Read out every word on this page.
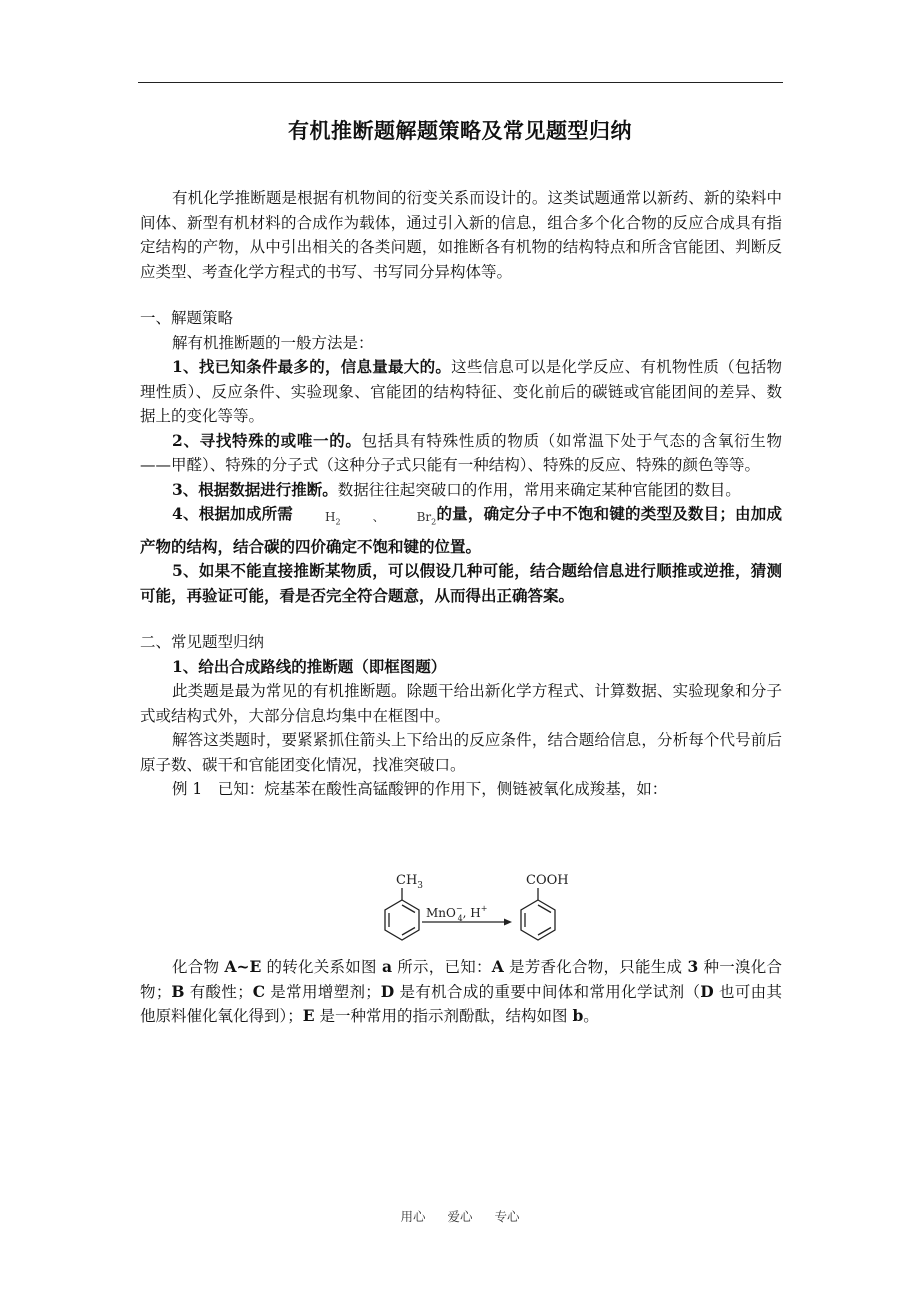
有机推断题解题策略及常见题型归纳

有机化学推断题是根据有机物间的衍变关系而设计的。这类试题通常以新药、新的染料中间体、新型有机材料的合成作为载体，通过引入新的信息，组合多个化合物的反应合成具有指定结构的产物，从中引出相关的各类问题，如推断各有机物的结构特点和所含官能团、判断反应类型、考查化学方程式的书写、书写同分异构体等。

一、解题策略

解有机推断题的一般方法是：

1、找已知条件最多的，信息量最大的。这些信息可以是化学反应、有机物性质（包括物理性质）、反应条件、实验现象、官能团的结构特征、变化前后的碳链或官能团间的差异、数据上的变化等等。

2、寻找特殊的或唯一的。包括具有特殊性质的物质（如常温下处于气态的含氧衍生物——甲醛）、特殊的分子式（这种分子式只能有一种结构）、特殊的反应、特殊的颜色等等。

3、根据数据进行推断。数据往往起突破口的作用，常用来确定某种官能团的数目。

4、根据加成所需	$H_2$	、	$Br_2$的量，确定分子中不饱和键的类型及数目；由加成产物的结构，结合碳的四价确定不饱和键的位置。

5、如果不能直接推断某物质，可以假设几种可能，结合题给信息进行顺推或逆推，猜测可能，再验证可能，看是否完全符合题意，从而得出正确答案。

二、常见题型归纳

1、给出合成路线的推断题（即框图题）

此类题是最为常见的有机推断题。除题干给出新化学方程式、计算数据、实验现象和分子式或结构式外，大部分信息均集中在框图中。

解答这类题时，要紧紧抓住箭头上下给出的反应条件，结合题给信息，分析每个代号前后原子数、碳干和官能团变化情况，找准突破口。

例 1　已知：烷基苯在酸性高锰酸钾的作用下，侧链被氧化成羧基，如：

$CH_3$
MnO− 4, H+
COOH

化合物 A~E 的转化关系如图 a 所示，已知：A 是芳香化合物，只能生成 3 种一溴化合物；B 有酸性；C 是常用增塑剂；D 是有机合成的重要中间体和常用化学试剂（D 也可由其他原料催化氧化得到）；E 是一种常用的指示剂酚酞，结构如图 b。

用心 爱心 专心
